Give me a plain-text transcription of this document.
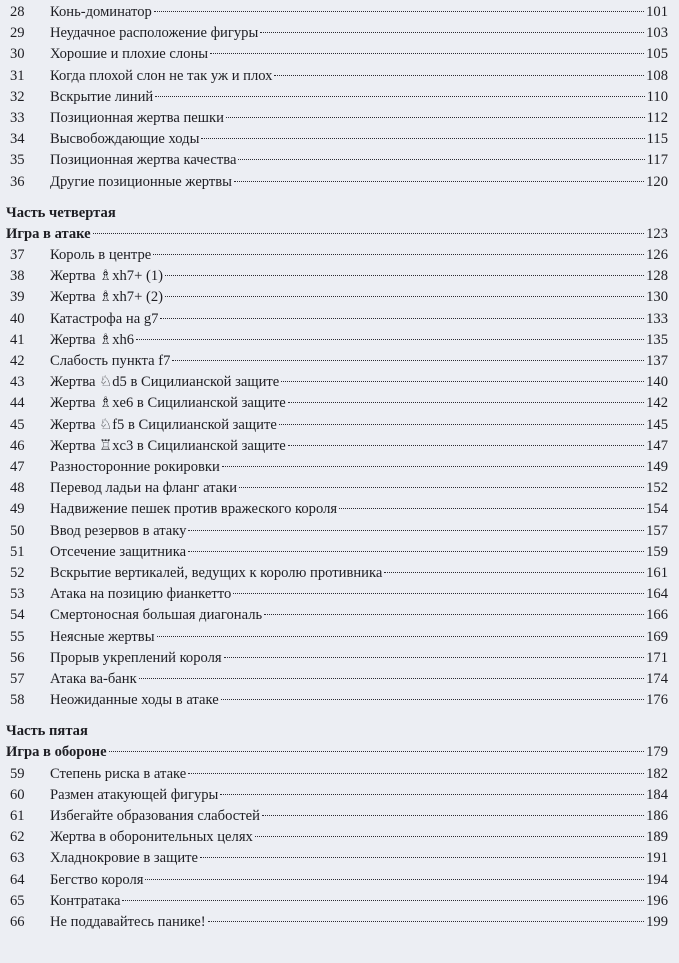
28	Конь-доминатор	101
29	Неудачное расположение фигуры	103
30	Хорошие и плохие слоны	105
31	Когда плохой слон не так уж и плох	108
32	Вскрытие линий	110
33	Позиционная жертва пешки	112
34	Высвобождающие ходы	115
35	Позиционная жертва качества	117
36	Другие позиционные жертвы	120
Часть четвертая
Игра в атаке	123
37	Король в центре	126
38	Жертва ♗xh7+ (1)	128
39	Жертва ♗xh7+ (2)	130
40	Катастрофа на g7	133
41	Жертва ♗xh6	135
42	Слабость пункта f7	137
43	Жертва ♘d5 в Сицилианской защите	140
44	Жертва ♗xe6 в Сицилианской защите	142
45	Жертва ♘f5 в Сицилианской защите	145
46	Жертва ♖xc3 в Сицилианской защите	147
47	Разносторонние рокировки	149
48	Перевод ладьи на фланг атаки	152
49	Надвижение пешек против вражеского короля	154
50	Ввод резервов в атаку	157
51	Отсечение защитника	159
52	Вскрытие вертикалей, ведущих к королю противника	161
53	Атака на позицию фианкетто	164
54	Смертоносная большая диагональ	166
55	Неясные жертвы	169
56	Прорыв укреплений короля	171
57	Атака ва-банк	174
58	Неожиданные ходы в атаке	176
Часть пятая
Игра в обороне	179
59	Степень риска в атаке	182
60	Размен атакующей фигуры	184
61	Избегайте образования слабостей	186
62	Жертва в оборонительных целях	189
63	Хладнокровие в защите	191
64	Бегство короля	194
65	Контратака	196
66	Не поддавайтесь панике!	199
